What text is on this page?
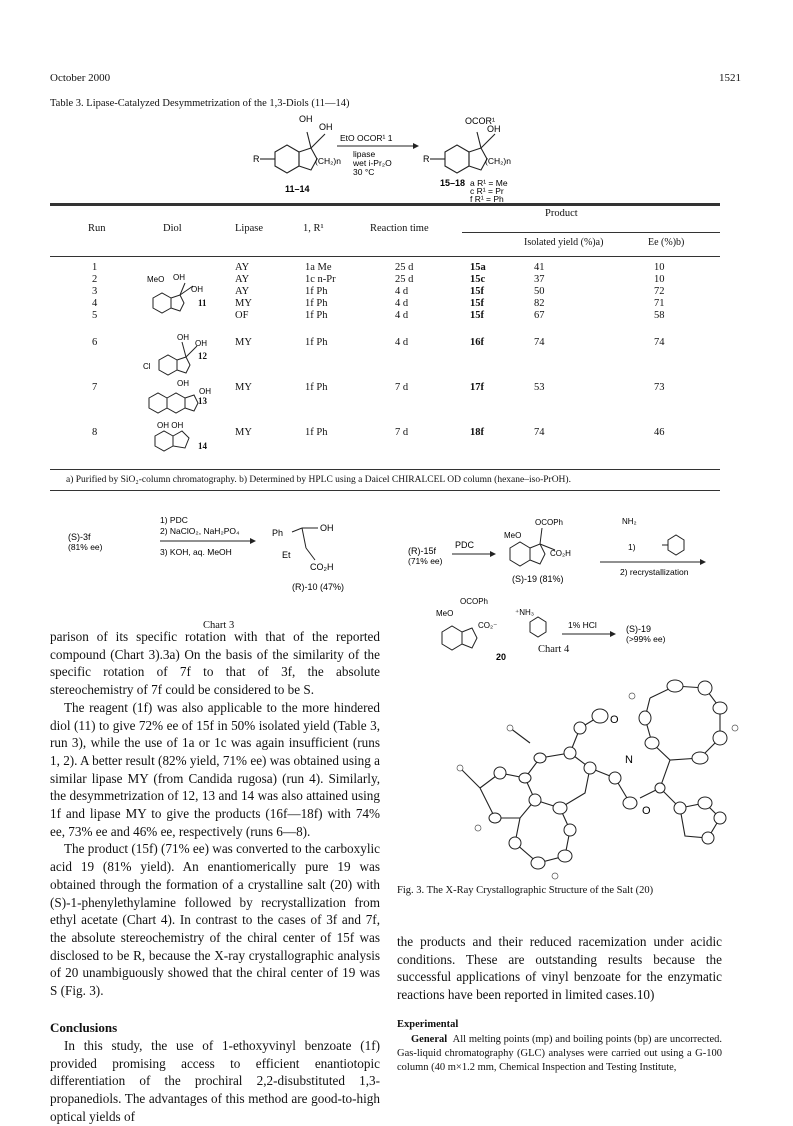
October 2000	1521
Table 3. Lipase-Catalyzed Desymmetrization of the 1,3-Diols (11—14)
OH
OH
R	(CH₂)n
11–14
EtO OCOR¹ 1
lipase
wet i-Pr₂O
30 °C
OCOR¹
OH
R	(CH₂)n
15–18 a R¹ = Me
c R¹ = Pr
f R¹ = Ph
Run	Diol	Lipase	1, R¹	Reaction time
Product
Isolated yield (%)a)	Ee (%)b)
1	AY	1a Me	25 d	15a	41	10
2	AY	1c n-Pr	25 d	15c	37	10
3	AY	1f Ph	4 d	15f	50	72
4	MY	1f Ph	4 d	15f	82	71
11
5	OF	1f Ph	4 d	15f	67	58
6	MY	1f Ph	4 d	16f	74	74
12
7	MY	1f Ph	7 d	17f	53	73
13
8	MY	1f Ph	7 d	18f	74	46
14
MeO OH
OH
Cl
OH
OH
OH
OH
OH OH
a) Purified by SiO₂-column chromatography. b) Determined by HPLC using a Daicel CHIRALCEL OD column (hexane–iso-PrOH).
(S)-3f
(81% ee)
1) PDC
2) NaClO₂, NaH₂PO₄
3) KOH, aq. MeOH
Ph	OH
Et
CO₂H
(R)-10 (47%)
Chart 3
(R)-15f
(71% ee)
PDC
MeO
OCOPh
CO₂H
NH₂
(S)-19 (81%)
1)
2) recrystallization
MeO
OCOPh
CO₂⁻
⁺NH₃
20
1% HCl	(S)-19
(>99% ee)
Chart 4
O
O
N
Fig. 3. The X-Ray Crystallographic Structure of the Salt (20)

parison of its specific rotation with that of the reported compound (Chart 3).3a) On the basis of the similarity of the specific rotation of 7f to that of 3f, the absolute stereochemistry of 7f could be considered to be S.

The reagent (1f) was also applicable to the more hindered diol (11) to give 72% ee of 15f in 50% isolated yield (Table 3, run 3), while the use of 1a or 1c was again insufficient (runs 1, 2). A better result (82% yield, 71% ee) was obtained using a similar lipase MY (from Candida rugosa) (run 4). Similarly, the desymmetrization of 12, 13 and 14 was also attained using 1f and lipase MY to give the products (16f—18f) with 74% ee, 73% ee and 46% ee, respectively (runs 6—8).

The product (15f) (71% ee) was converted to the carboxylic acid 19 (81% yield). An enantiomerically pure 19 was obtained through the formation of a crystalline salt (20) with (S)-1-phenylethylamine followed by recrystallization from ethyl acetate (Chart 4). In contrast to the cases of 3f and 7f, the absolute stereochemistry of the chiral center of 15f was disclosed to be R, because the X-ray crystallographic analysis of 20 unambiguously showed that the chiral center of 19 was S (Fig. 3).

Conclusions

In this study, the use of 1-ethoxyvinyl benzoate (1f) provided promising access to efficient enantiotopic differentiation of the prochiral 2,2-disubstituted 1,3-propanediols. The advantages of this method are good-to-high optical yields of

the products and their reduced racemization under acidic conditions. These are outstanding results because the successful applications of vinyl benzoate for the enzymatic reactions have been reported in limited cases.10)

Experimental
General All melting points (mp) and boiling points (bp) are uncorrected. Gas-liquid chromatography (GLC) analyses were carried out using a G-100 column (40 m×1.2 mm, Chemical Inspection and Testing Institute,
